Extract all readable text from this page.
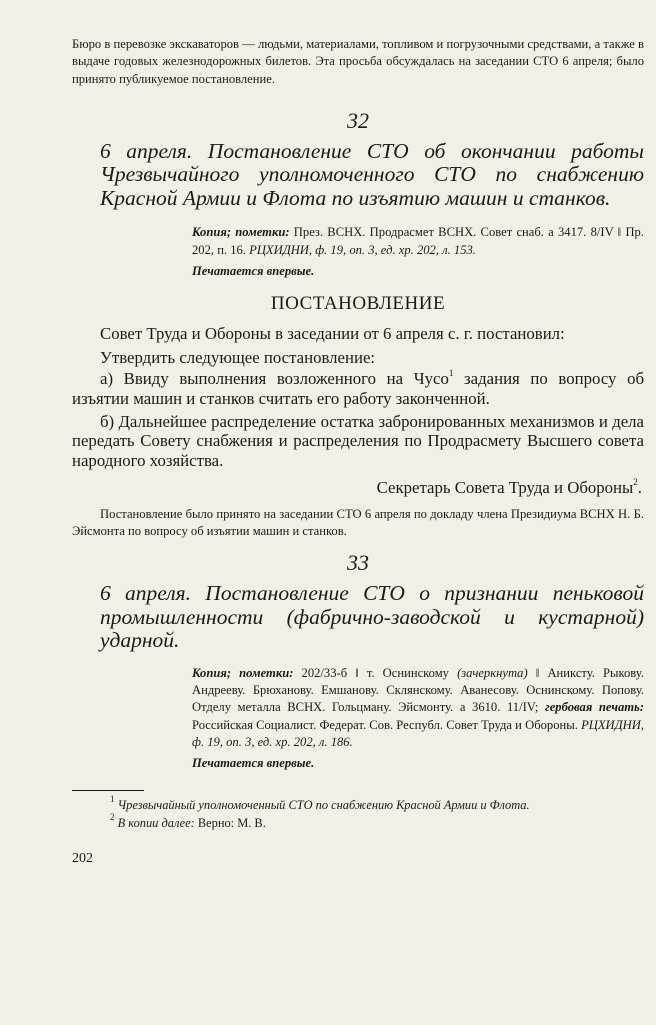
Бюро в перевозке экскаваторов — людьми, материалами, топливом и погрузочными средствами, а также в выдаче годовых железнодорожных билетов. Эта просьба обсуждалась на заседании СТО 6 апреля; было принято публикуемое постановление.

32

6 апреля. Постановление СТО об окончании работы Чрезвычайного уполномоченного СТО по снабжению Красной Армии и Флота по изъятию машин и станков.

Копия; пометки: През. ВСНХ. Продрасмет ВСНХ. Совет снаб. а 3417. 8/IV ‖ Пр. 202, п. 16. РЦХИДНИ, ф. 19, оп. 3, ед. хр. 202, л. 153.

Печатается впервые.

ПОСТАНОВЛЕНИЕ

Совет Труда и Обороны в заседании от 6 апреля с. г. постановил:

Утвердить следующее постановление:

а) Ввиду выполнения возложенного на Чусо$^1$ задания по вопросу об изъятии машин и станков считать его работу законченной.

б) Дальнейшее распределение остатка забронированных механизмов и дела передать Совету снабжения и распределения по Продрасмету Высшего совета народного хозяйства.

Секретарь Совета Труда и Обороны$^2$.

Постановление было принято на заседании СТО 6 апреля по докладу члена Президиума ВСНХ Н. Б. Эйсмонта по вопросу об изъятии машин и станков.

33

6 апреля. Постановление СТО о признании пеньковой промышленности (фабрично-заводской и кустарной) ударной.

Копия; пометки: 202/33-б ‖ т. Оснинскому (зачеркнута) ‖ Аниксту. Рыкову. Андрееву. Брюханову. Емшанову. Склянскому. Аванесову. Оснинскому. Попову. Отделу металла ВСНХ. Гольцману. Эйсмонту. а 3610. 11/IV; гербовая печать: Российская Социалист. Федерат. Сов. Республ. Совет Труда и Обороны. РЦХИДНИ, ф. 19, оп. 3, ед. хр. 202, л. 186.

Печатается впервые.

$^1$ Чрезвычайный уполномоченный СТО по снабжению Красной Армии и Флота.

$^2$ В копии далее: Верно: М. В.

202
